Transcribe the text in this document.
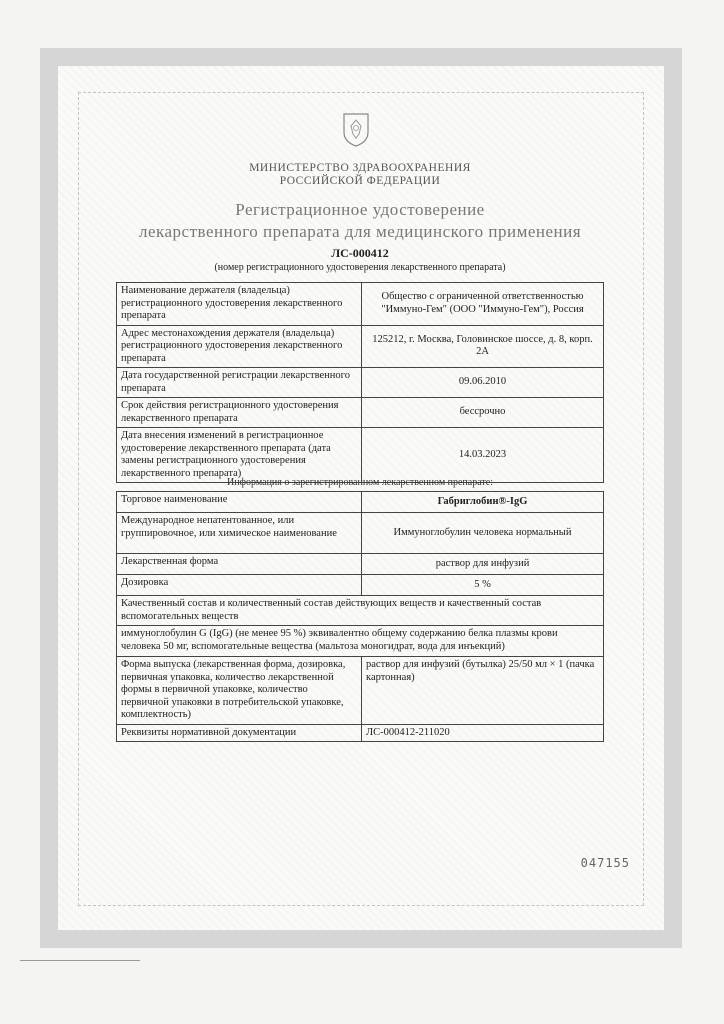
МИНИСТЕРСТВО ЗДРАВООХРАНЕНИЯ
РОССИЙСКОЙ ФЕДЕРАЦИИ
Регистрационное удостоверение
лекарственного препарата для медицинского применения
ЛС-000412
(номер регистрационного удостоверения лекарственного препарата)
Наименование держателя (владельца) регистрационного удостоверения лекарственного препарата	Общество с ограниченной ответственностью "Иммуно-Гем" (ООО "Иммуно-Гем"), Россия
Адрес местонахождения держателя (владельца) регистрационного удостоверения лекарственного препарата	125212, г. Москва, Головинское шоссе, д. 8, корп. 2А
Дата государственной регистрации лекарственного препарата	09.06.2010
Срок действия регистрационного удостоверения лекарственного препарата	бессрочно
Дата внесения изменений в регистрационное удостоверение лекарственного препарата (дата замены регистрационного удостоверения лекарственного препарата)	14.03.2023
Информация о зарегистрированном лекарственном препарате:
Торговое наименование	Габриглобин®-IgG
Международное непатентованное, или группировочное, или химическое наименование	Иммуноглобулин человека нормальный
Лекарственная форма	раствор для инфузий
Дозировка	5 %
Качественный состав и количественный состав действующих веществ и качественный состав вспомогательных веществ	
иммуноглобулин G (IgG) (не менее 95 %) эквивалентно общему содержанию белка плазмы крови человека 50 мг, вспомогательные вещества (мальтоза моногидрат, вода для инъекций)	
Форма выпуска (лекарственная форма, дозировка, первичная упаковка, количество лекарственной формы в первичной упаковке, количество первичной упаковки в потребительской упаковке, комплектность)	раствор для инфузий (бутылка) 25/50 мл × 1 (пачка картонная)
Реквизиты нормативной документации	ЛС-000412-211020
047155
